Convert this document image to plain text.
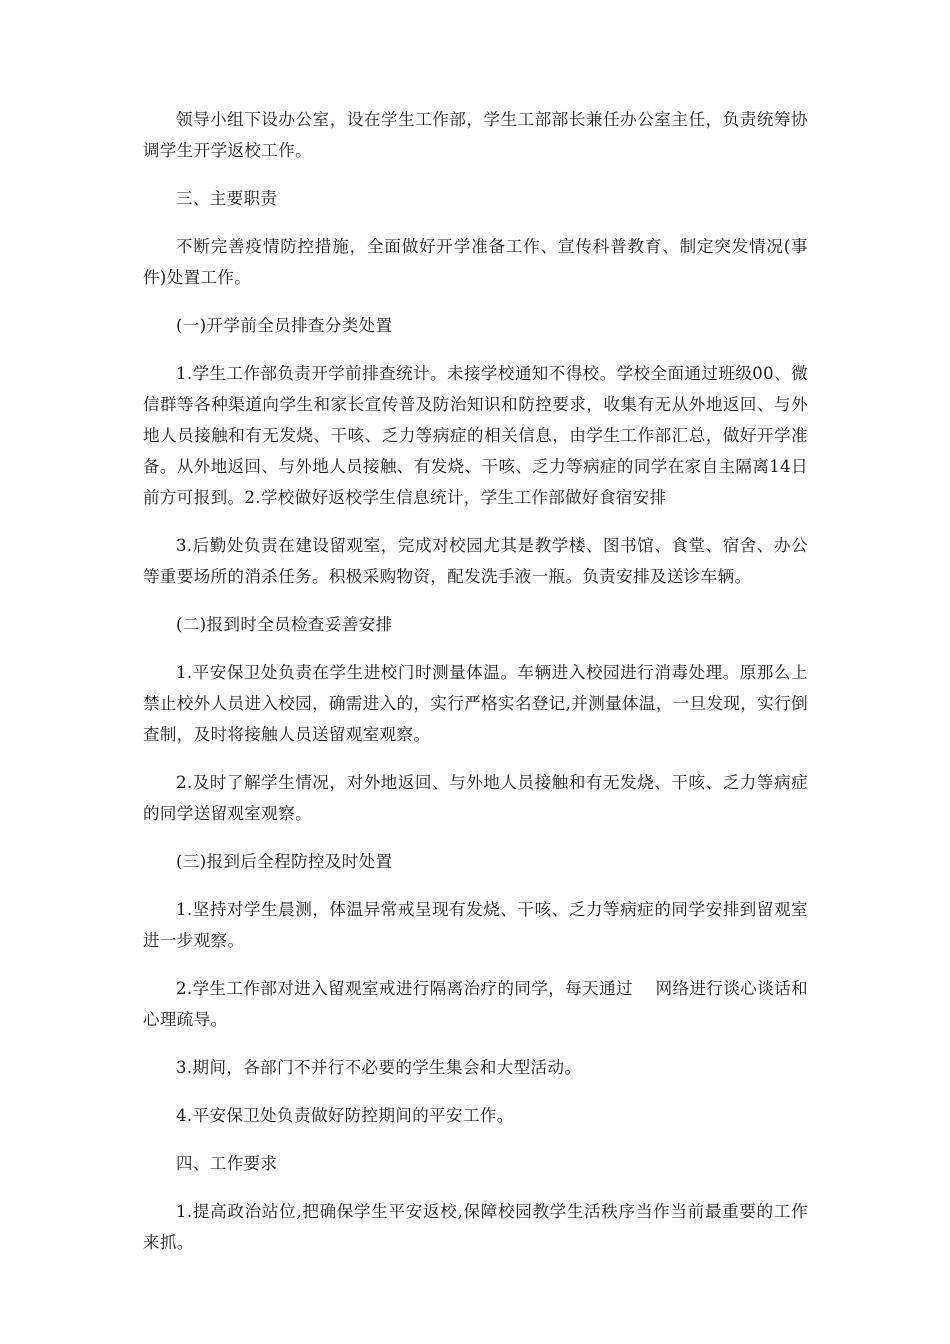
领导小组下设办公室，设在学生工作部，学生工部部长兼任办公室主任，负责统筹协调学生开学返校工作。

三、主要职责

不断完善疫情防控措施，全面做好开学准备工作、宣传科普教育、制定突发情况(事件)处置工作。

(一)开学前全员排查分类处置

1.学生工作部负责开学前排查统计。未接学校通知不得校。学校全面通过班级00、微信群等各种渠道向学生和家长宣传普及防治知识和防控要求，收集有无从外地返回、与外地人员接触和有无发烧、干咳、乏力等病症的相关信息，由学生工作部汇总，做好开学准备。从外地返回、与外地人员接触、有发烧、干咳、乏力等病症的同学在家自主隔离14日前方可报到。2.学校做好返校学生信息统计，学生工作部做好食宿安排

3.后勤处负责在建设留观室，完成对校园尤其是教学楼、图书馆、食堂、宿舍、办公等重要场所的消杀任务。积极采购物资，配发洗手液一瓶。负责安排及送诊车辆。

(二)报到时全员检查妥善安排

1.平安保卫处负责在学生进校门时测量体温。车辆进入校园进行消毒处理。原那么上禁止校外人员进入校园，确需进入的，实行严格实名登记,并测量体温，一旦发现，实行倒查制，及时将接触人员送留观室观察。

2.及时了解学生情况，对外地返回、与外地人员接触和有无发烧、干咳、乏力等病症的同学送留观室观察。

(三)报到后全程防控及时处置

1.坚持对学生晨测，体温异常戒呈现有发烧、干咳、乏力等病症的同学安排到留观室进一步观察。

2.学生工作部对进入留观室戒进行隔离治疗的同学，每天通过　 网络进行谈心谈话和心理疏导。

3.期间，各部门不并行不必要的学生集会和大型活动。

4.平安保卫处负责做好防控期间的平安工作。

四、工作要求

1.提高政治站位,把确保学生平安返校,保障校园教学生活秩序当作当前最重要的工作来抓。
